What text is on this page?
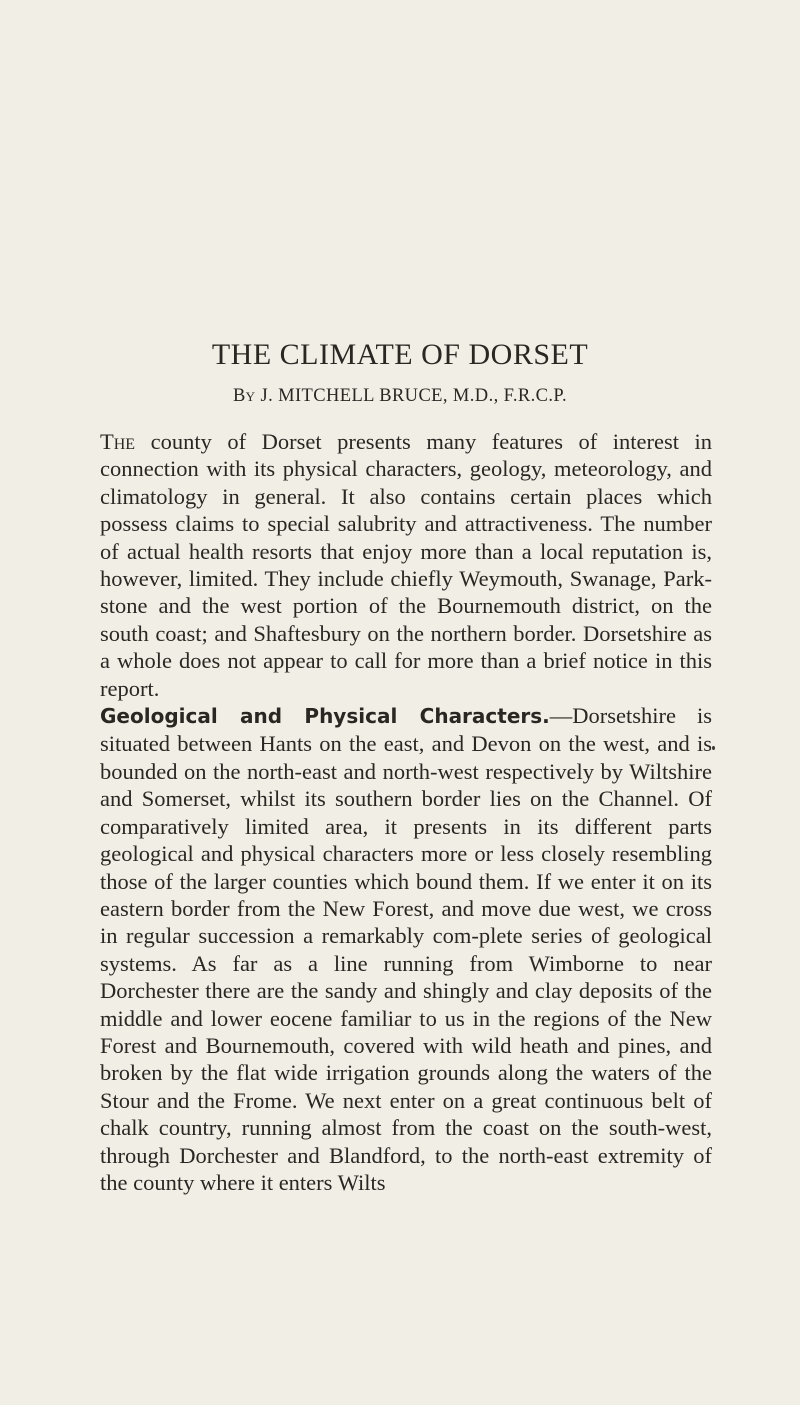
THE CLIMATE OF DORSET
By J. MITCHELL BRUCE, M.D., F.R.C.P.

The county of Dorset presents many features of interest in connection with its physical characters, geology, meteorology, and climatology in general. It also contains certain places which possess claims to special salubrity and attractiveness. The number of actual health resorts that enjoy more than a local reputation is, however, limited. They include chiefly Weymouth, Swanage, Park-stone and the west portion of the Bournemouth district, on the south coast; and Shaftesbury on the northern border. Dorsetshire as a whole does not appear to call for more than a brief notice in this report.

Geological and Physical Characters.—Dorsetshire is situated between Hants on the east, and Devon on the west, and is bounded on the north-east and north-west respectively by Wiltshire and Somerset, whilst its southern border lies on the Channel. Of comparatively limited area, it presents in its different parts geological and physical characters more or less closely resembling those of the larger counties which bound them. If we enter it on its eastern border from the New Forest, and move due west, we cross in regular succession a remarkably com-plete series of geological systems. As far as a line running from Wimborne to near Dorchester there are the sandy and shingly and clay deposits of the middle and lower eocene familiar to us in the regions of the New Forest and Bournemouth, covered with wild heath and pines, and broken by the flat wide irrigation grounds along the waters of the Stour and the Frome. We next enter on a great continuous belt of chalk country, running almost from the coast on the south-west, through Dorchester and Blandford, to the north-east extremity of the county where it enters Wilts
